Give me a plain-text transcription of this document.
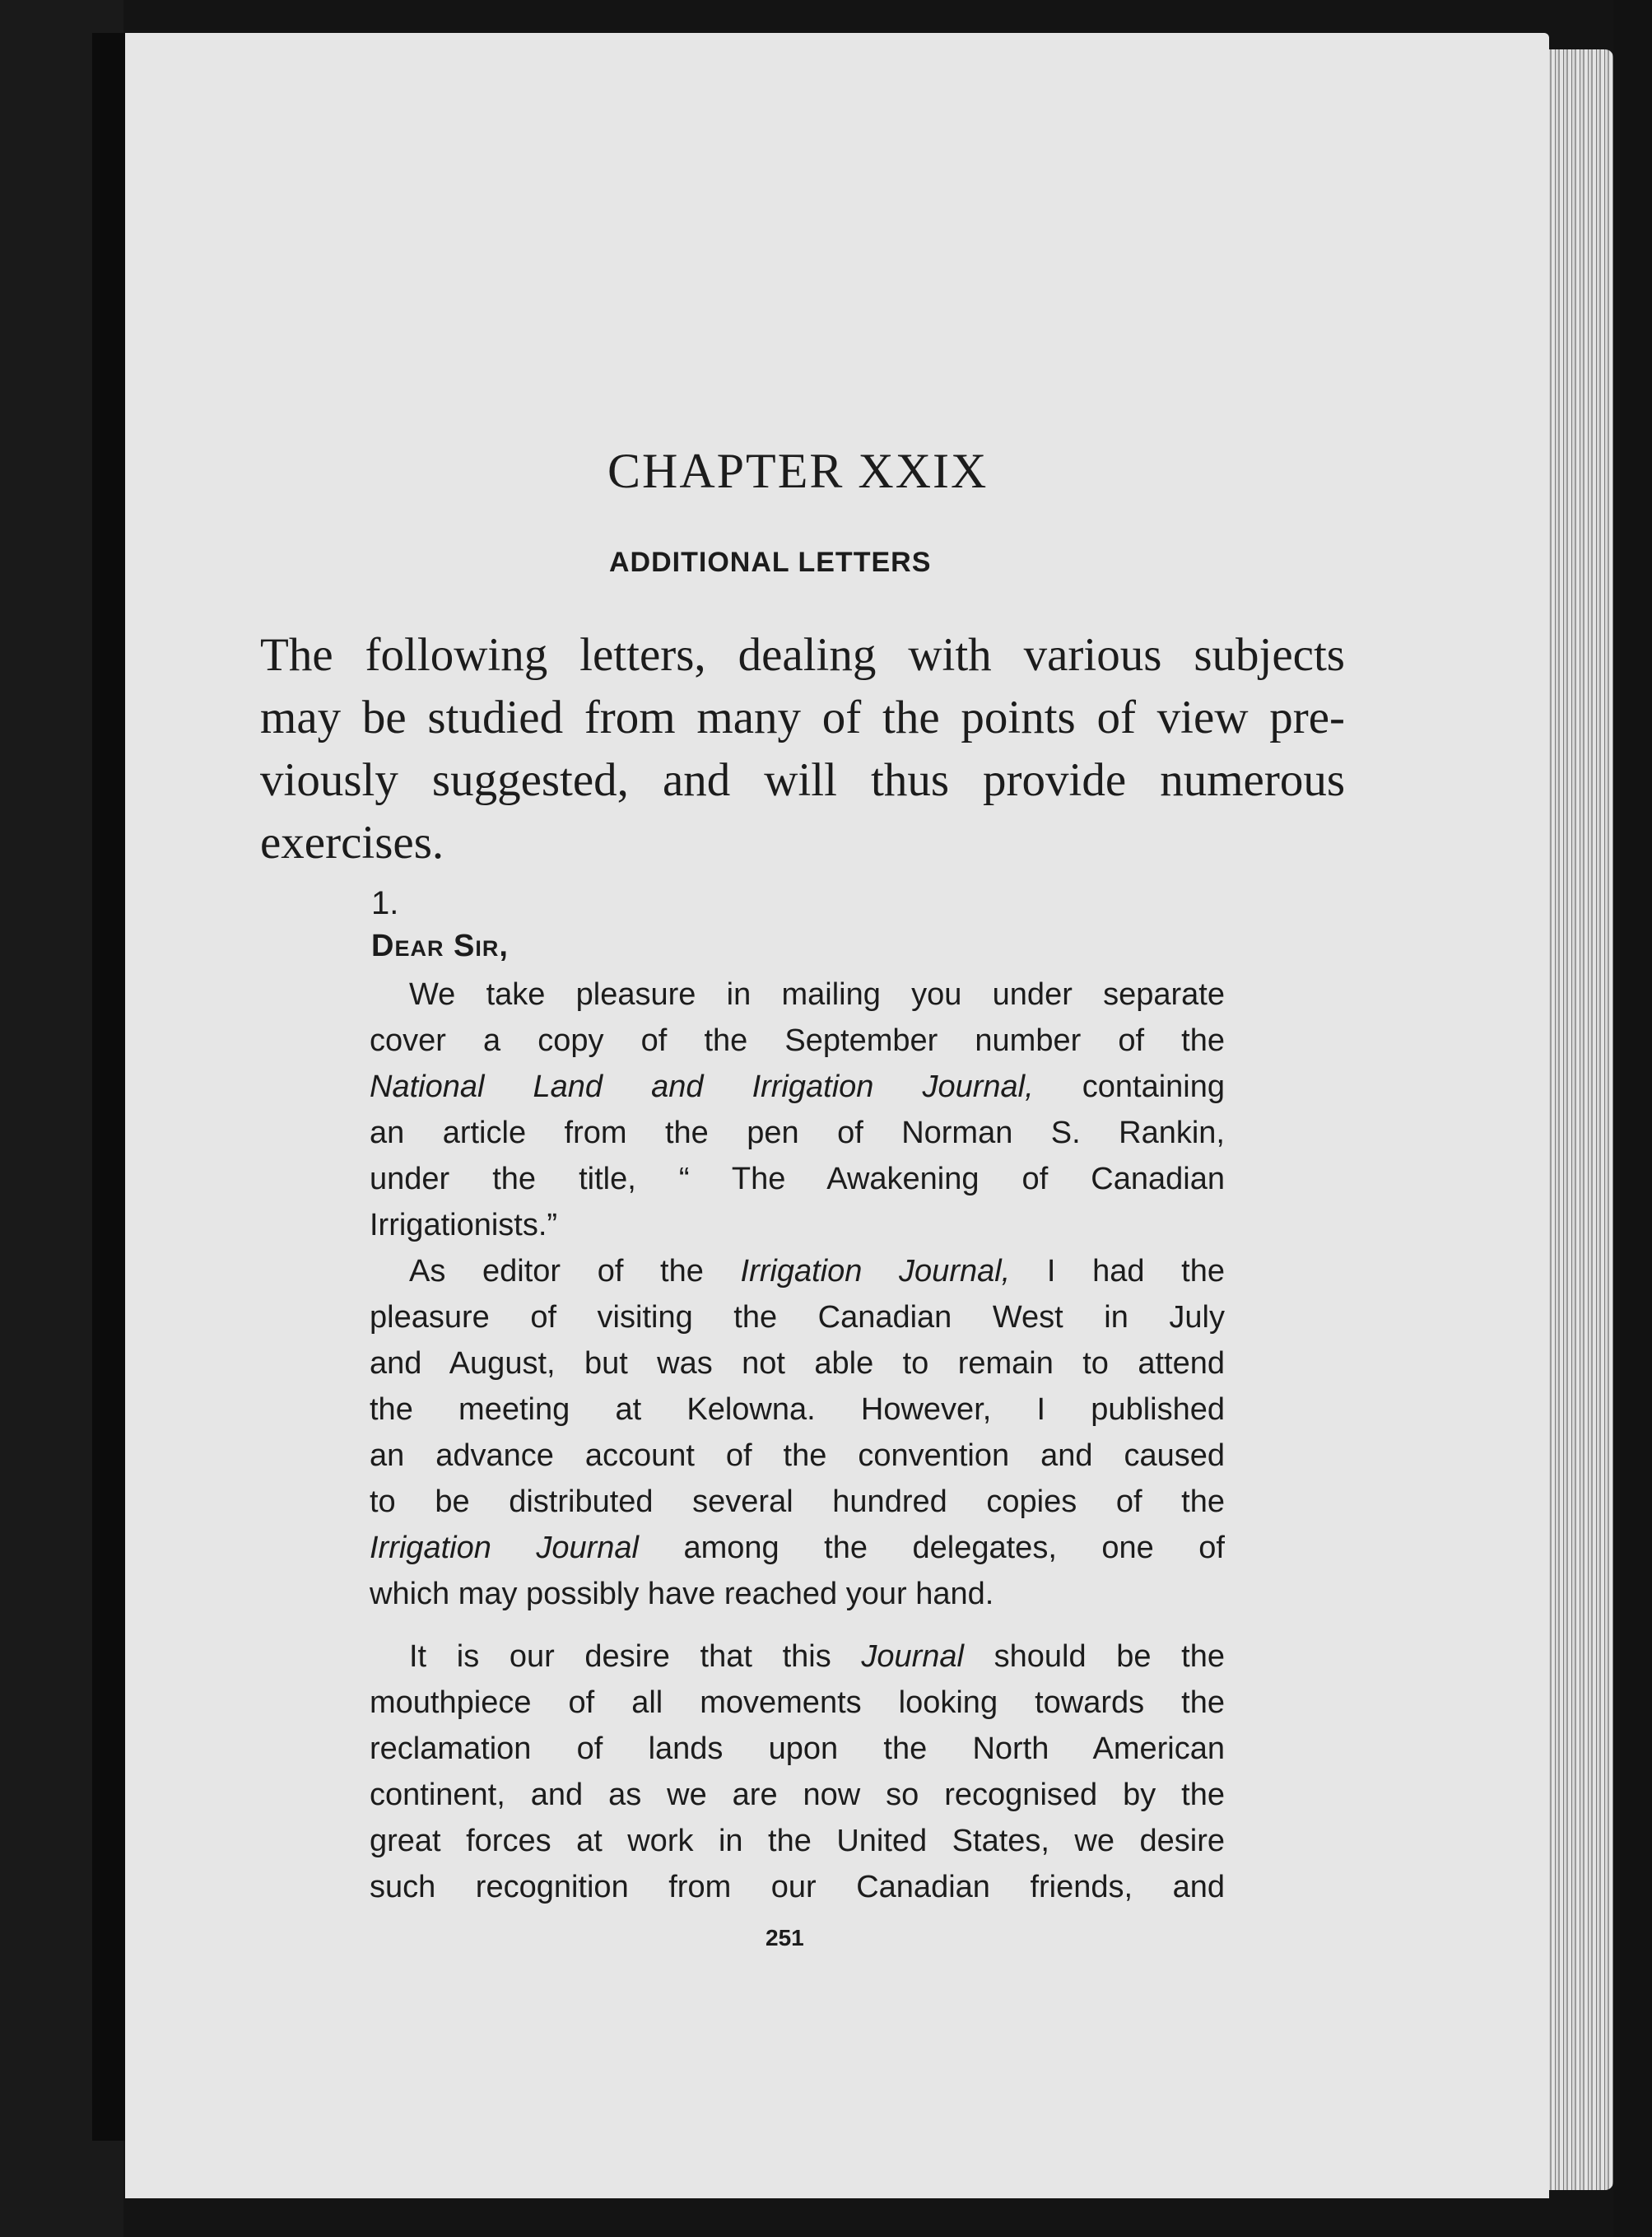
CHAPTER XXIX
ADDITIONAL LETTERS
The following letters, dealing with various subjects
may be studied from many of the points of view pre-
viously suggested, and will thus provide numerous
exercises.
1.
Dear Sir,
We take pleasure in mailing you under separate
cover a copy of the September number of the
National Land and Irrigation Journal, containing
an article from the pen of Norman S. Rankin,
under the title, “ The Awakening of Canadian
Irrigationists.”
As editor of the Irrigation Journal, I had the
pleasure of visiting the Canadian West in July
and August, but was not able to remain to attend
the meeting at Kelowna. However, I published
an advance account of the convention and caused
to be distributed several hundred copies of the
Irrigation Journal among the delegates, one of
which may possibly have reached your hand.
It is our desire that this Journal should be the
mouthpiece of all movements looking towards the
reclamation of lands upon the North American
continent, and as we are now so recognised by the
great forces at work in the United States, we desire
such recognition from our Canadian friends, and
251
